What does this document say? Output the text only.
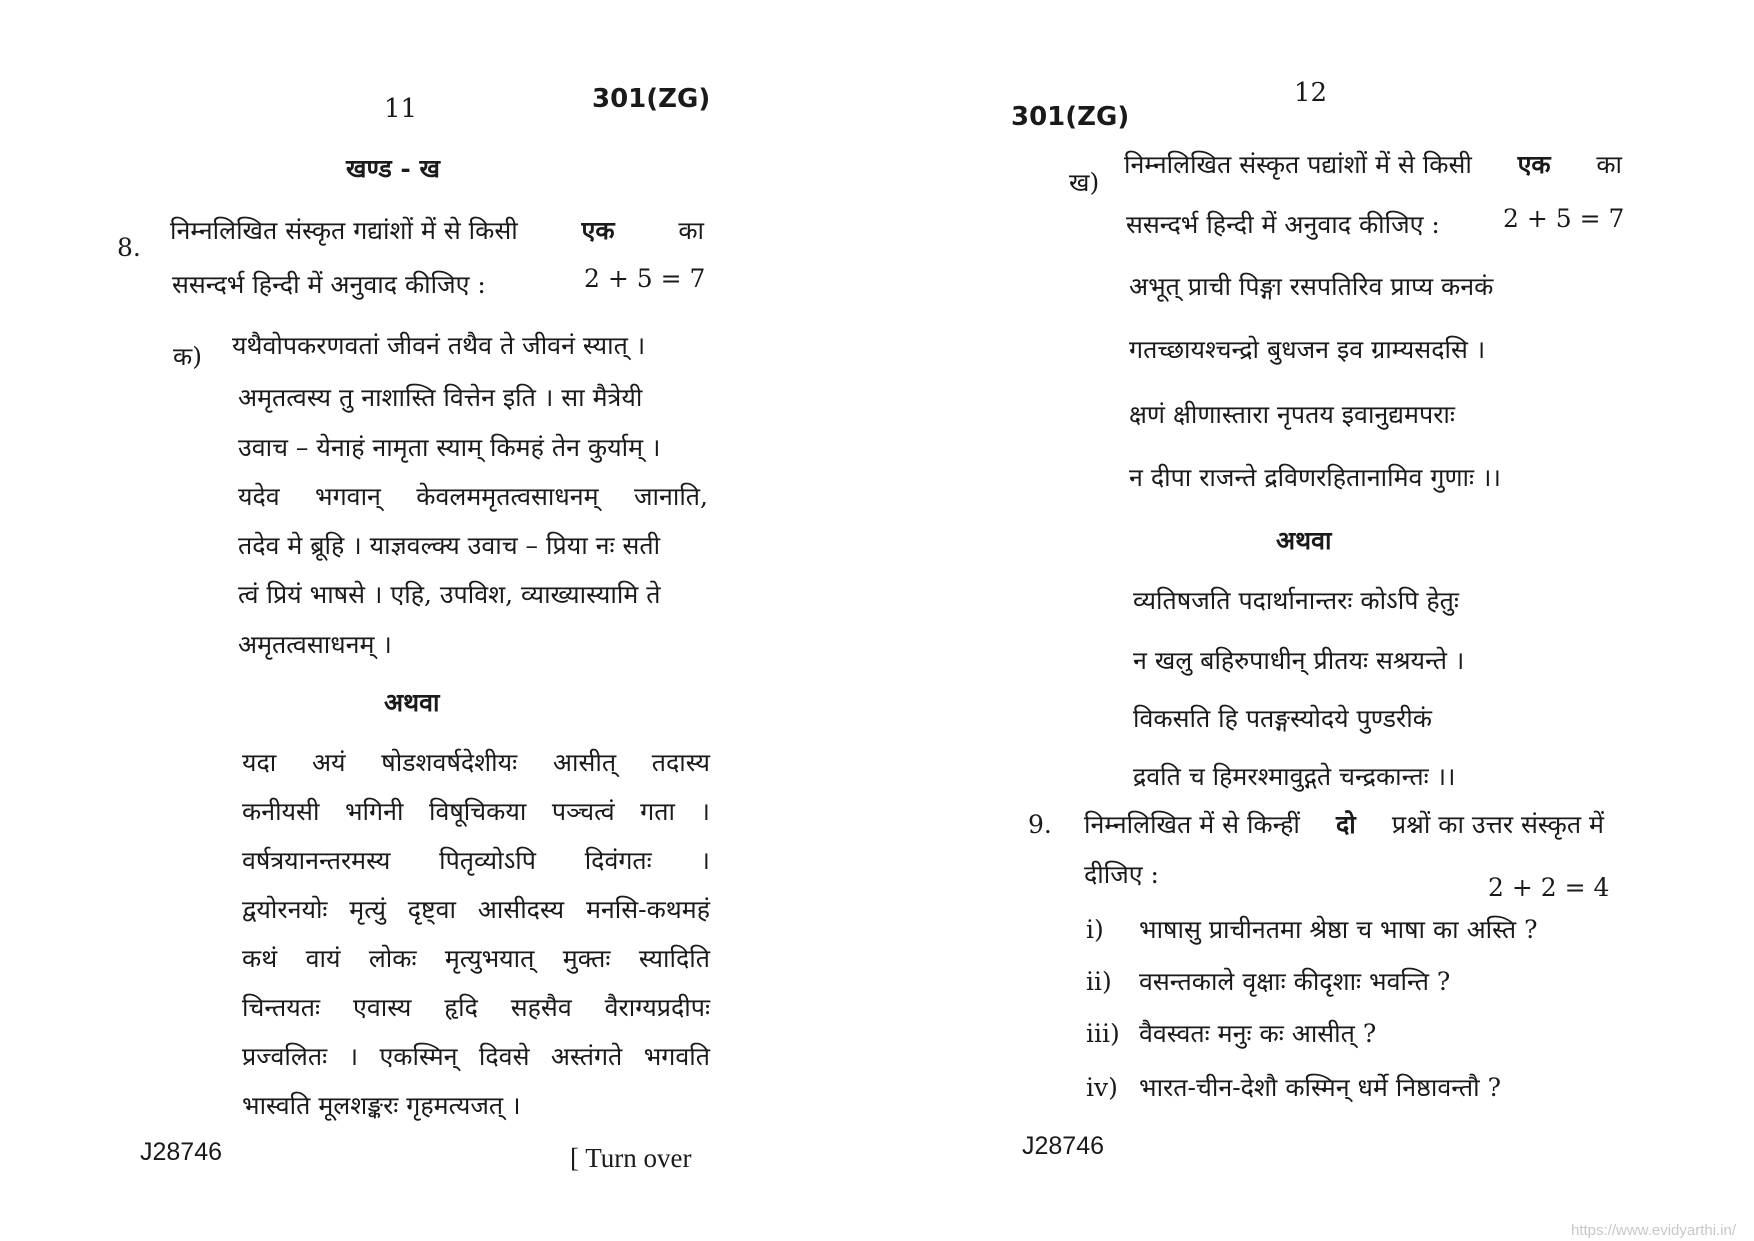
11	301(ZG)
खण्ड - ख
8.
निम्नलिखित संस्कृत गद्यांशों में से किसी	एक	का
ससन्दर्भ हिन्दी में अनुवाद कीजिए :	2 + 5 = 7
क) यथैवोपकरणवतां जीवनं तथैव ते जीवनं स्यात् ।
अमृतत्वस्य तु नाशास्ति वित्तेन इति । सा मैत्रेयी
उवाच – येनाहं नामृता स्याम् किमहं तेन कुर्याम् ।
यदेव भगवान् केवलममृतत्वसाधनम् जानाति,
तदेव मे ब्रूहि । याज्ञवल्क्य उवाच – प्रिया नः सती
त्वं प्रियं भाषसे । एहि, उपविश, व्याख्यास्यामि ते
अमृतत्वसाधनम् ।
अथवा
यदा अयं षोडशवर्षदेशीयः आसीत् तदास्य
कनीयसी भगिनी विषूचिकया पञ्चत्वं गता ।
वर्षत्रयानन्तरमस्य पितृव्योऽपि दिवंगतः ।
द्वयोरनयोः मृत्युं दृष्ट्वा आसीदस्य मनसि-कथमहं
कथं वायं लोकः मृत्युभयात् मुक्तः स्यादिति
चिन्तयतः एवास्य हृदि सहसैव वैराग्यप्रदीपः
प्रज्वलितः । एकस्मिन् दिवसे अस्तंगते भगवति
भास्वति मूलशङ्करः गृहमत्यजत् ।
J28746	[ Turn over
12
301(ZG)
ख)
निम्नलिखित संस्कृत पद्यांशों में से किसी एक का
ससन्दर्भ हिन्दी में अनुवाद कीजिए :	2 + 5 = 7
अभूत् प्राची पिङ्गा रसपतिरिव प्राप्य कनकं
गतच्छायश्चन्द्रो बुधजन इव ग्राम्यसदसि ।
क्षणं क्षीणास्तारा नृपतय इवानुद्यमपराः
न दीपा राजन्ते द्रविणरहितानामिव गुणाः ।।
अथवा
व्यतिषजति पदार्थानान्तरः कोऽपि हेतुः
न खलु बहिरुपाधीन् प्रीतयः सश्रयन्ते ।
विकसति हि पतङ्गस्योदये पुण्डरीकं
द्रवति च हिमरश्मावुद्गते चन्द्रकान्तः ।।
9. निम्नलिखित में से किन्हीं दो प्रश्नों का उत्तर संस्कृत में
दीजिए :	2 + 2 = 4
i) भाषासु प्राचीनतमा श्रेष्ठा च भाषा का अस्ति ?
ii) वसन्तकाले वृक्षाः कीदृशाः भवन्ति ?
iii) वैवस्वतः मनुः कः आसीत् ?
iv) भारत-चीन-देशौ कस्मिन् धर्मे निष्ठावन्तौ ?
J28746
https://www.evidyarthi.in/
